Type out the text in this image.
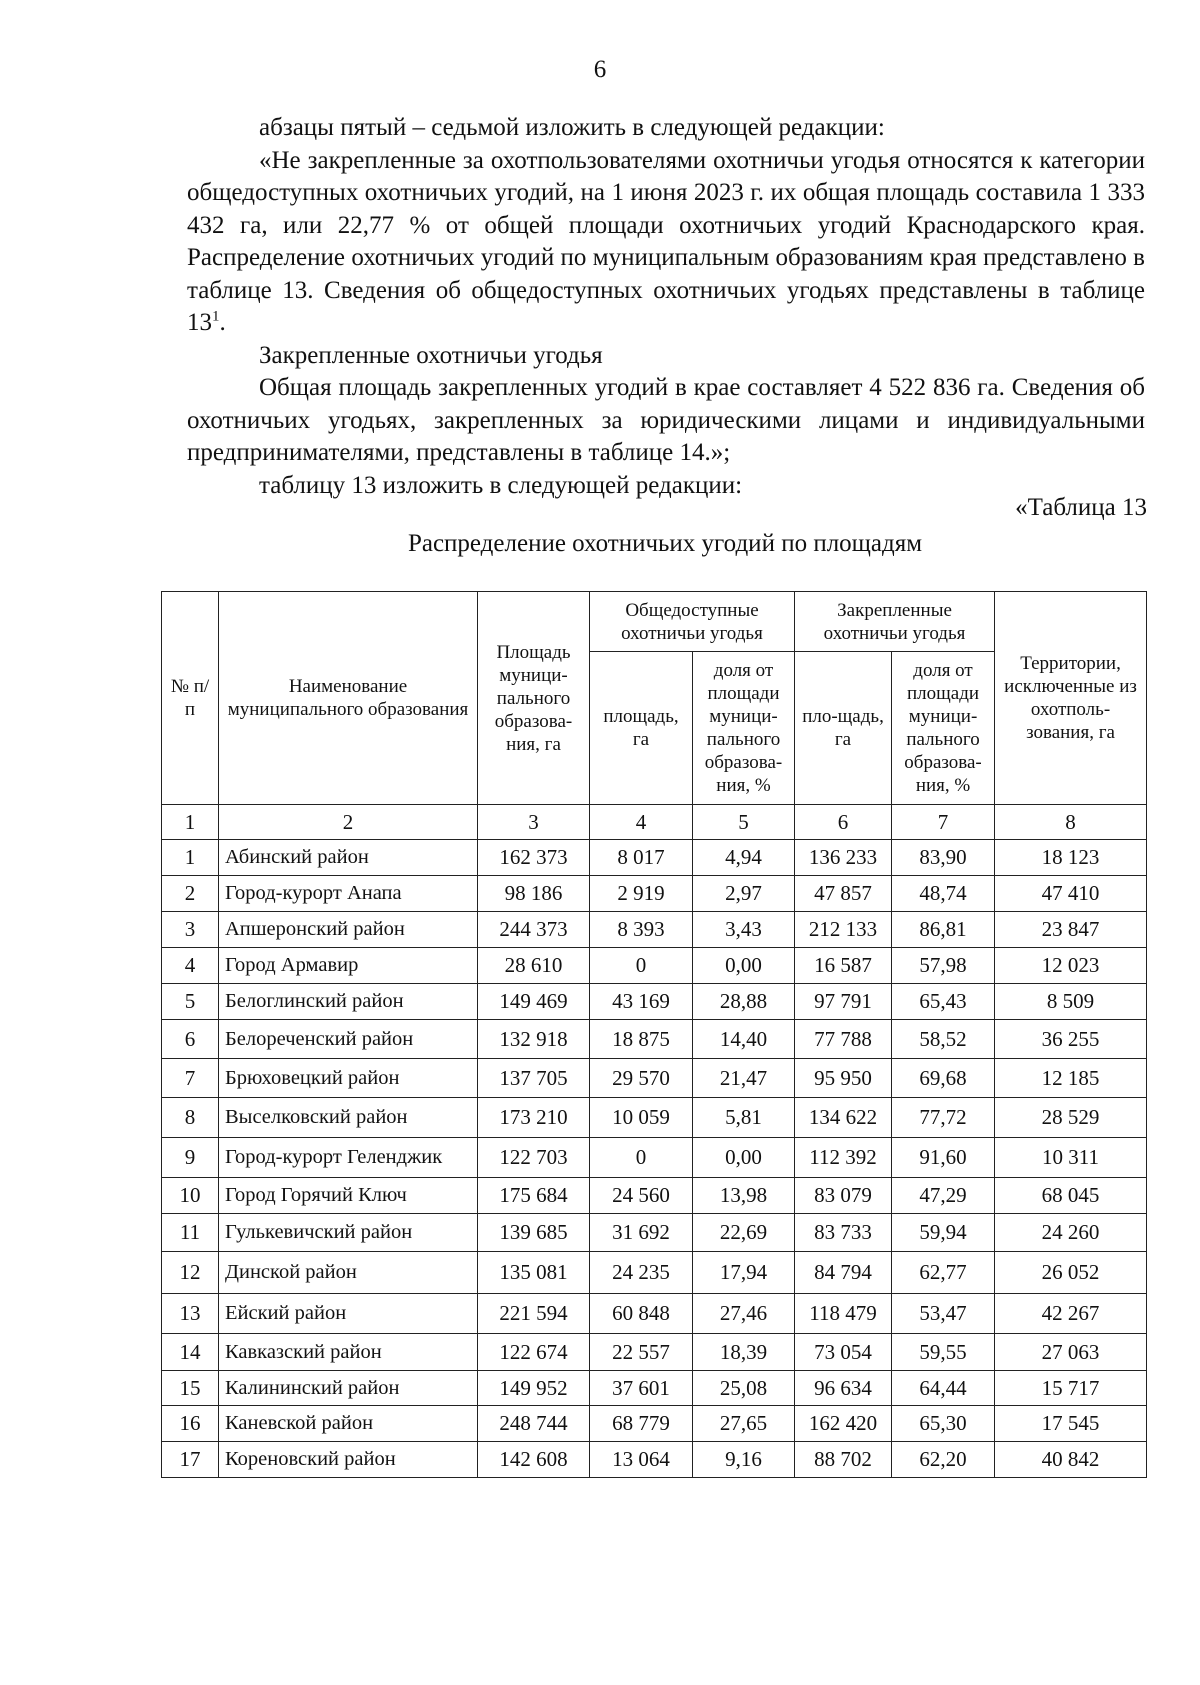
6

абзацы пятый – седьмой изложить в следующей редакции:

«Не закрепленные за охотпользователями охотничьи угодья относятся к категории общедоступных охотничьих угодий, на 1 июня 2023 г. их общая площадь составила 1 333 432 га, или 22,77 % от общей площади охотничьих угодий Краснодарского края. Распределение охотничьих угодий по муниципальным образованиям края представлено в таблице 13. Сведения об общедоступных охотничьих угодьях представлены в таблице $13^1$.

Закрепленные охотничьи угодья

Общая площадь закрепленных угодий в крае составляет 4 522 836 га. Сведения об охотничьих угодьях, закрепленных за юридическими лицами и индивидуальными предпринимателями, представлены в таблице 14.»;

таблицу 13 изложить в следующей редакции:

«Таблица 13
Распределение охотничьих угодий по площадям
№ п/п	Наименование муниципального образования	Площадь муници-пального образова-ния, га	Общедоступные охотничьи угодья		Закрепленные охотничьи угодья		Территории, исключенные из охотполь-зования, га
			площадь, га	доля от площади муници-пального образова-ния, %	пло-щадь, га	доля от площади муници-пального образова-ния, %	
1	2	3	4	5	6	7	8
1	Абинский район	162 373	8 017	4,94	136 233	83,90	18 123
2	Город-курорт Анапа	98 186	2 919	2,97	47 857	48,74	47 410
3	Апшеронский район	244 373	8 393	3,43	212 133	86,81	23 847
4	Город Армавир	28 610	0	0,00	16 587	57,98	12 023
5	Белоглинский район	149 469	43 169	28,88	97 791	65,43	8 509
6	Белореченский район	132 918	18 875	14,40	77 788	58,52	36 255
7	Брюховецкий район	137 705	29 570	21,47	95 950	69,68	12 185
8	Выселковский район	173 210	10 059	5,81	134 622	77,72	28 529
9	Город-курорт Геленджик	122 703	0	0,00	112 392	91,60	10 311
10	Город Горячий Ключ	175 684	24 560	13,98	83 079	47,29	68 045
11	Гулькевичский район	139 685	31 692	22,69	83 733	59,94	24 260
12	Динской район	135 081	24 235	17,94	84 794	62,77	26 052
13	Ейский район	221 594	60 848	27,46	118 479	53,47	42 267
14	Кавказский район	122 674	22 557	18,39	73 054	59,55	27 063
15	Калининский район	149 952	37 601	25,08	96 634	64,44	15 717
16	Каневской район	248 744	68 779	27,65	162 420	65,30	17 545
17	Кореновский район	142 608	13 064	9,16	88 702	62,20	40 842
